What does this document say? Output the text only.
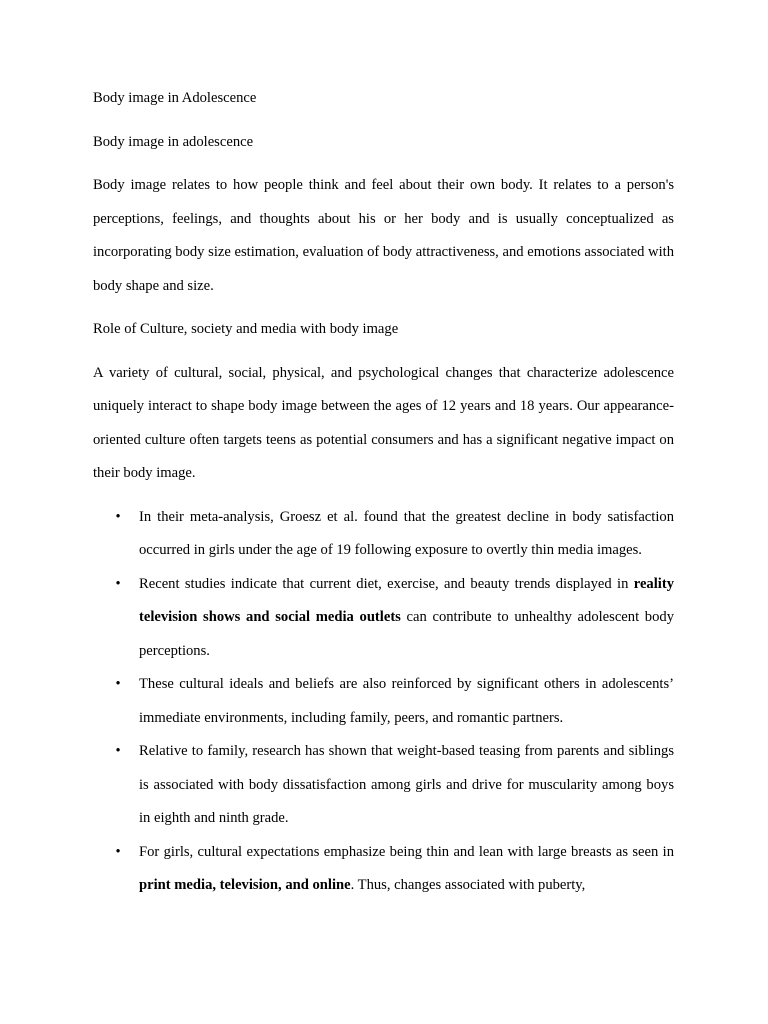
Body image in Adolescence

Body image in adolescence

Body image relates to how people think and feel about their own body. It relates to a person's perceptions, feelings, and thoughts about his or her body and is usually conceptualized as incorporating body size estimation, evaluation of body attractiveness, and emotions associated with body shape and size.

Role of Culture, society and media with body image

A variety of cultural, social, physical, and psychological changes that characterize adolescence uniquely interact to shape body image between the ages of 12 years and 18 years. Our appearance-oriented culture often targets teens as potential consumers and has a significant negative impact on their body image.

• In their meta-analysis, Groesz et al. found that the greatest decline in body satisfaction occurred in girls under the age of 19 following exposure to overtly thin media images.
• Recent studies indicate that current diet, exercise, and beauty trends displayed in reality television shows and social media outlets can contribute to unhealthy adolescent body perceptions.
• These cultural ideals and beliefs are also reinforced by significant others in adolescents’ immediate environments, including family, peers, and romantic partners.
• Relative to family, research has shown that weight-based teasing from parents and siblings is associated with body dissatisfaction among girls and drive for muscularity among boys in eighth and ninth grade.
• For girls, cultural expectations emphasize being thin and lean with large breasts as seen in print media, television, and online. Thus, changes associated with puberty,
